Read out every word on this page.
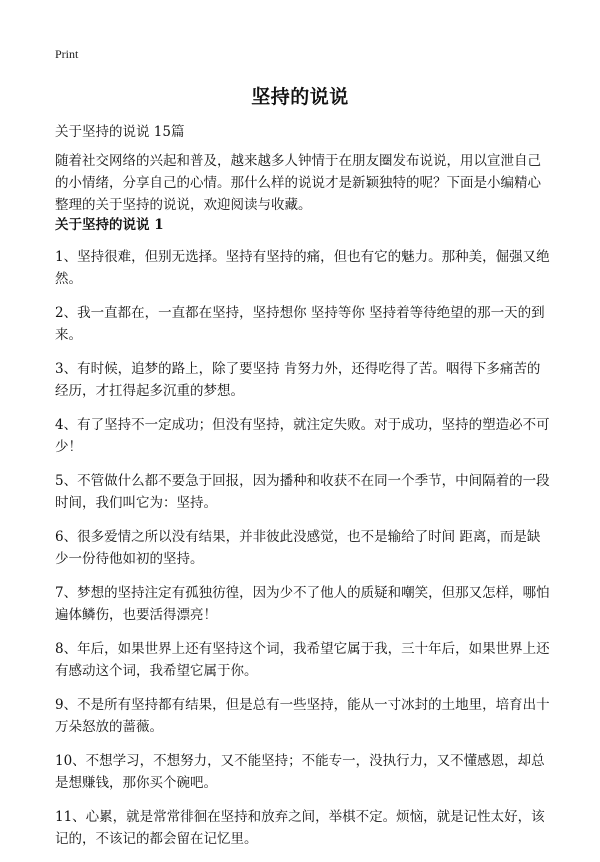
Print
坚持的说说
关于坚持的说说 15篇
随着社交网络的兴起和普及，越来越多人钟情于在朋友圈发布说说，用以宣泄自己的小情绪，分享自己的心情。那什么样的说说才是新颖独特的呢？下面是小编精心整理的关于坚持的说说，欢迎阅读与收藏。
关于坚持的说说 1
1、坚持很难，但别无选择。坚持有坚持的痛，但也有它的魅力。那种美，倔强又绝然。
2、我一直都在，一直都在坚持，坚持想你 坚持等你 坚持着等待绝望的那一天的到来。
3、有时候，追梦的路上，除了要坚持 肯努力外，还得吃得了苦。咽得下多痛苦的经历，才扛得起多沉重的梦想。
4、有了坚持不一定成功；但没有坚持，就注定失败。对于成功，坚持的塑造必不可少！
5、不管做什么都不要急于回报，因为播种和收获不在同一个季节，中间隔着的一段时间，我们叫它为：坚持。
6、很多爱情之所以没有结果，并非彼此没感觉，也不是输给了时间 距离，而是缺少一份待他如初的坚持。
7、梦想的坚持注定有孤独彷徨，因为少不了他人的质疑和嘲笑，但那又怎样，哪怕遍体鳞伤，也要活得漂亮！
8、年后，如果世界上还有坚持这个词，我希望它属于我，三十年后，如果世界上还有感动这个词，我希望它属于你。
9、不是所有坚持都有结果，但是总有一些坚持，能从一寸冰封的土地里，培育出十万朵怒放的蔷薇。
10、不想学习，不想努力，又不能坚持；不能专一，没执行力，又不懂感恩，却总是想赚钱，那你买个碗吧。
11、心累，就是常常徘徊在坚持和放弃之间，举棋不定。烦恼，就是记性太好，该记的，不该记的都会留在记忆里。
